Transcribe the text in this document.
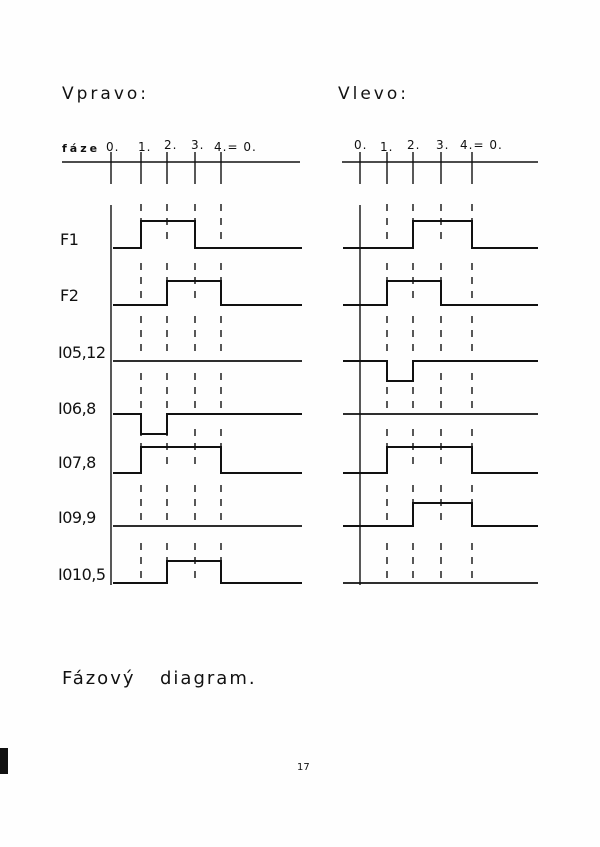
Vpravo:	Vlevo:
fáze 0. 1. 2. 3. 4.= 0.	0. 1. 2. 3. 4.= 0.
F1
F2
I05,12
I06,8
I07,8
I09,9
I010,5
Fázový diagram.
17
